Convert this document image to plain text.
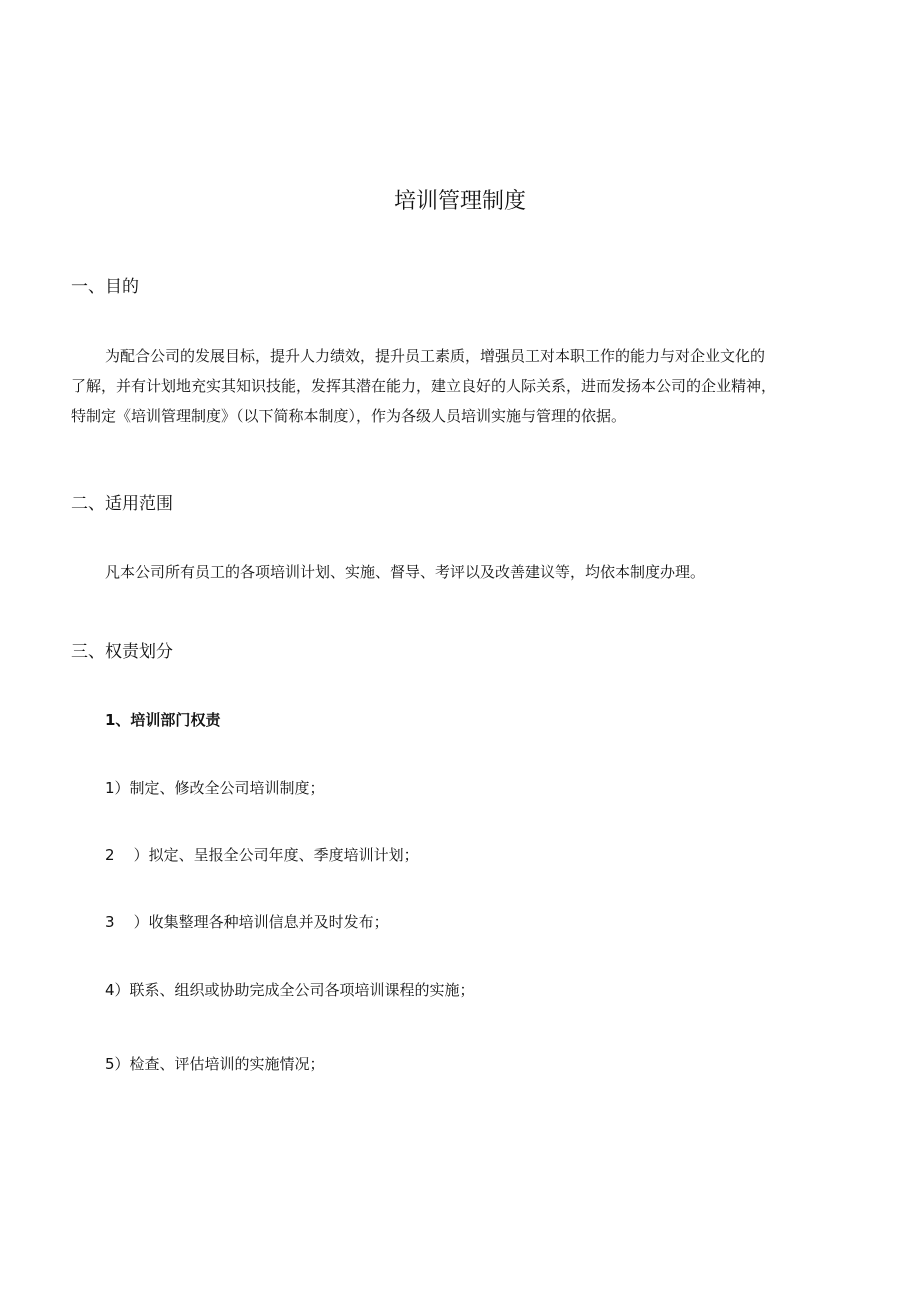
培训管理制度
一、目的
为配合公司的发展目标，提升人力绩效，提升员工素质，增强员工对本职工作的能力与对企业文化的
了解，并有计划地充实其知识技能，发挥其潜在能力，建立良好的人际关系，进而发扬本公司的企业精神，
特制定《培训管理制度》（以下简称本制度），作为各级人员培训实施与管理的依据。
二、适用范围
凡本公司所有员工的各项培训计划、实施、督导、考评以及改善建议等，均依本制度办理。
三、权责划分
1、培训部门权责
1）制定、修改全公司培训制度；
2    ）拟定、呈报全公司年度、季度培训计划；
3    ）收集整理各种培训信息并及时发布；
4）联系、组织或协助完成全公司各项培训课程的实施；
5）检查、评估培训的实施情况；
